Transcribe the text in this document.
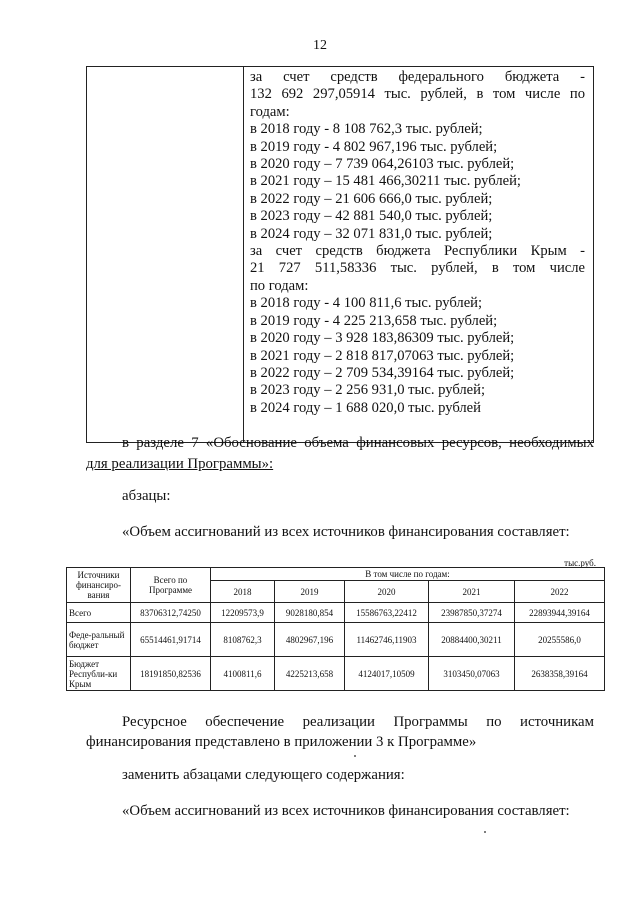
12

за счет средств федерального бюджета -
132 692 297,05914 тыс. рублей, в том числе по
годам:
в 2018 году - 8 108 762,3 тыс. рублей;
в 2019 году - 4 802 967,196 тыс. рублей;
в 2020 году – 7 739 064,26103 тыс. рублей;
в 2021 году – 15 481 466,30211 тыс. рублей;
в 2022 году – 21 606 666,0 тыс. рублей;
в 2023 году – 42 881 540,0 тыс. рублей;
в 2024 году – 32 071 831,0 тыс. рублей;
за счет средств бюджета Республики Крым -
21 727 511,58336 тыс. рублей, в том числе
по годам:
в 2018 году - 4 100 811,6 тыс. рублей;
в 2019 году - 4 225 213,658 тыс. рублей;
в 2020 году – 3 928 183,86309 тыс. рублей;
в 2021 году – 2 818 817,07063 тыс. рублей;
в 2022 году – 2 709 534,39164 тыс. рублей;
в 2023 году – 2 256 931,0 тыс. рублей;
в 2024 году – 1 688 020,0 тыс. рублей
в разделе 7 «Обоснование объема финансовых ресурсов, необходимых
для реализации Программы»:
абзацы:
«Объем ассигнований из всех источников финансирования составляет:
тыс.руб.
Источники финансиро-вания	Всего по Программе	В том числе по годам:				
		2018	2019	2020	2021	2022
Всего	83706312,74250	12209573,9	9028180,854	15586763,22412	23987850,37274	22893944,39164
Феде-ральный бюджет	65514461,91714	8108762,3	4802967,196	11462746,11903	20884400,30211	20255586,0
Бюджет Республи-ки Крым	18191850,82536	4100811,6	4225213,658	4124017,10509	3103450,07063	2638358,39164
Ресурсное обеспечение реализации Программы по источникам
финансирования представлено в приложении 3 к Программе»
заменить абзацами следующего содержания:
«Объем ассигнований из всех источников финансирования составляет:
